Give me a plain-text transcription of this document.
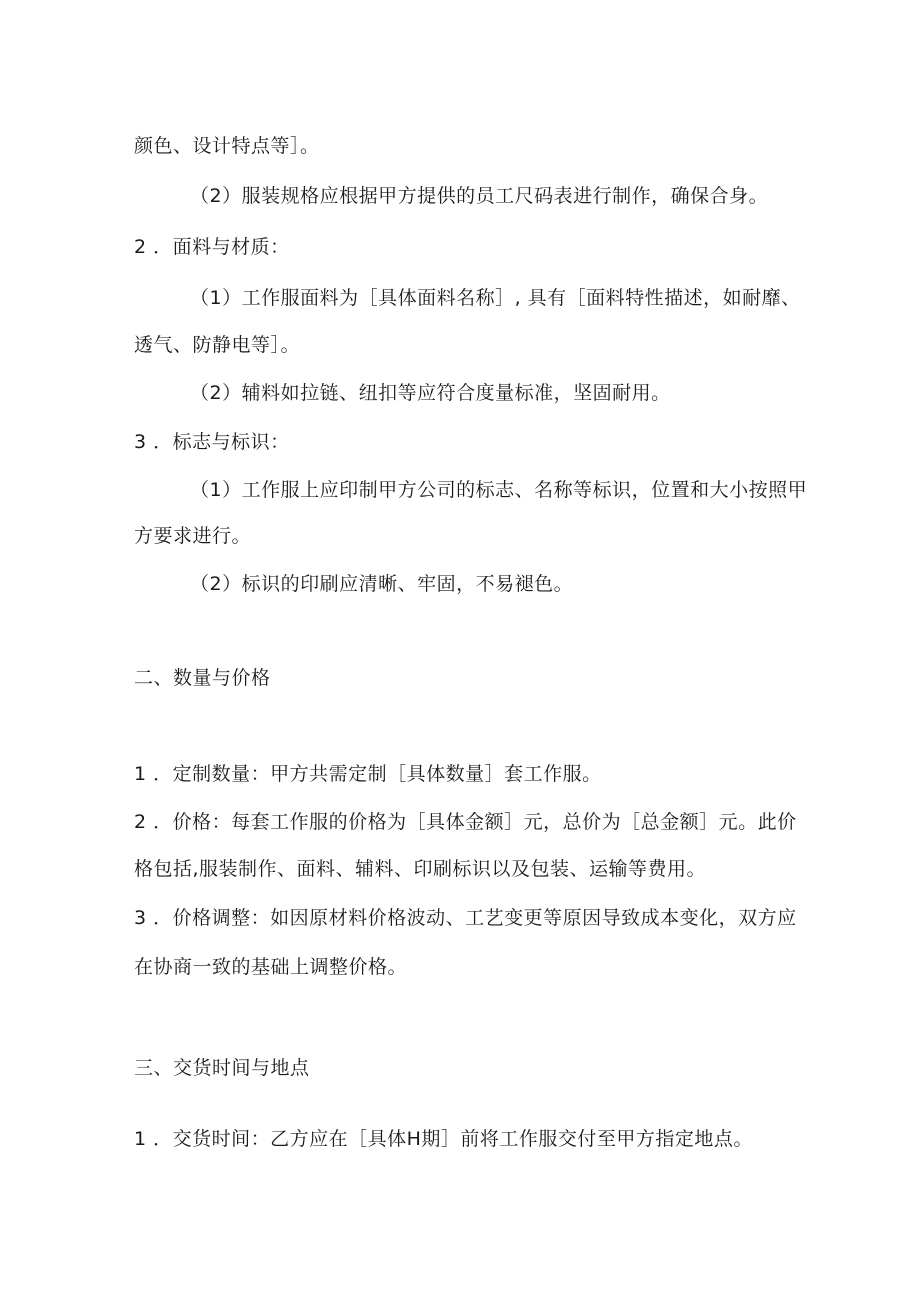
颜色、设计特点等］。
（2）服装规格应根据甲方提供的员工尺码表进行制作，确保合身。
2 ．面料与材质：
（1）工作服面料为［具体面料名称］, 具有［面料特性描述，如耐靡、
透气、防静电等］。
（2）辅料如拉链、纽扣等应符合度量标准，坚固耐用。
3 ．标志与标识：
（1）工作服上应印制甲方公司的标志、名称等标识，位置和大小按照甲
方要求进行。
（2）标识的印刷应清晰、牢固，不易褪色。
二、数量与价格
1 ．定制数量：甲方共需定制［具体数量］套工作服。
2 ．价格：每套工作服的价格为［具体金额］元，总价为［总金额］元。此价
格包括,服装制作、面料、辅料、印刷标识以及包装、运输等费用。
3 ．价格调整：如因原材料价格波动、工艺变更等原因导致成本变化，双方应
在协商一致的基础上调整价格。
三、交货时间与地点
1 ．交货时间：乙方应在［具体H期］前将工作服交付至甲方指定地点。
